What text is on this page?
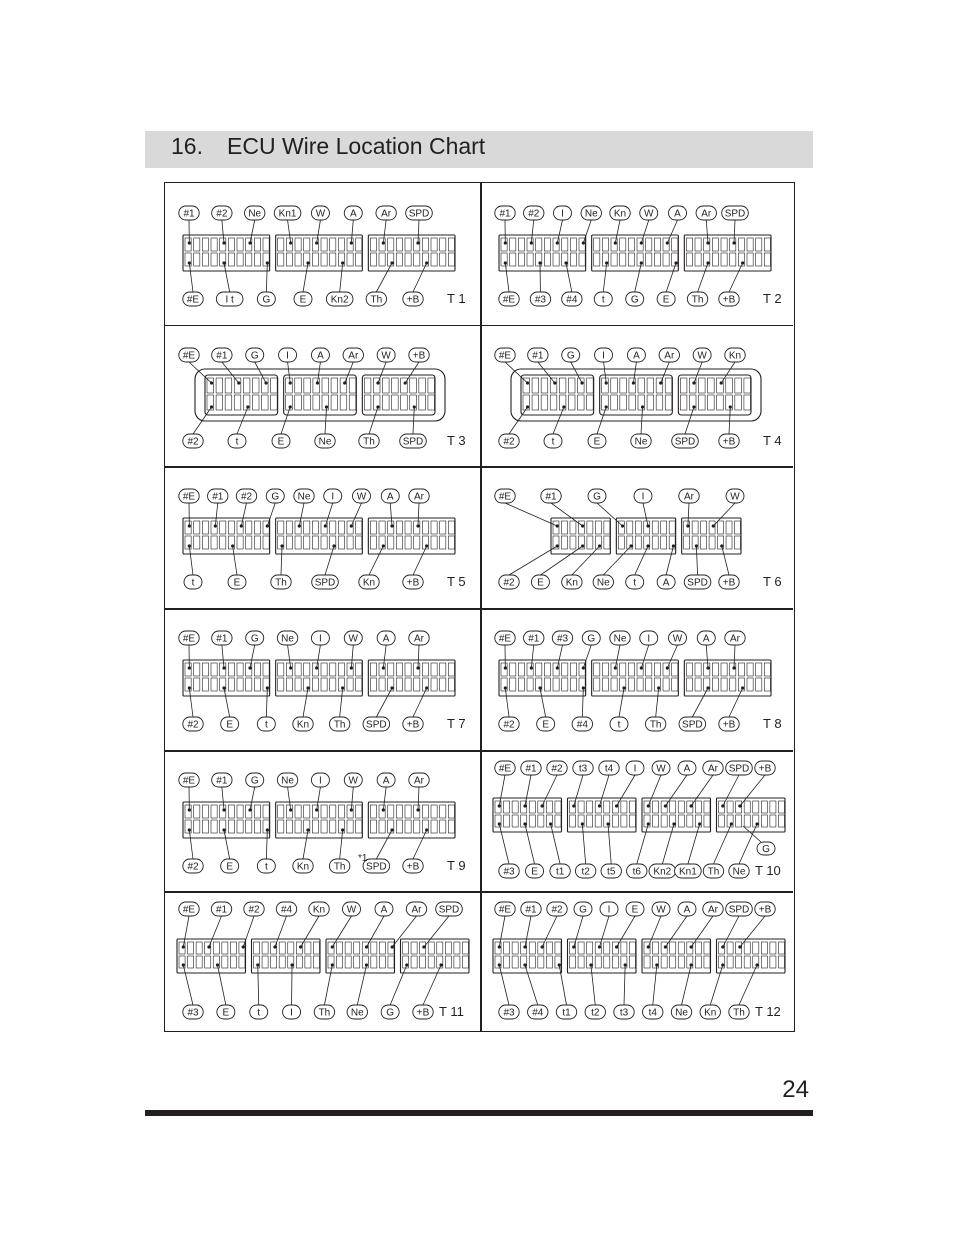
16. ECU Wire Location Chart
#1 #2 Ne Kn1 W A Ar SPD
#E	I t	G	E Kn2 Th +B T 1
#1 #2 I Ne Kn W A Ar SPD
#E #3 #4 t	G E Th +B T 2
#E #1 G	I	A Ar W +B
#2	t	E	Ne	Th	SPD T 3
#E #1 G	I	A Ar W Kn
#2	t	E	Ne	SPD	+B T 4
#E #1 #2 G Ne I W A Ar
t	E	Th	SPD	Kn	+B T 5
#E	#1	G	I	Ar	W
#2 E Kn Ne t	A SPD +B T 6
#E #1 G Ne	I	W A Ar
#2	E	t	Kn Th SPD +B T 7
#E #1 #3 G Ne I W A Ar
#2	E	#4	t	Th SPD +B T 8
#E #1 G Ne	I	W A Ar
#2	E	t	Kn Th SPD +B
*1	T 9
#E #1 #2 t3 t4 I W A Ar SPD +B
#3 E t1 t2 t5 t6 Kn2 Kn1 Th Ne
G
T 10
#E #1 #2 #4 Kn W A Ar SPD
#3 E	t	I	Th Ne G +B T 11
#E #1 #2 G I E W A Ar SPD +B
#3 #4 t1 t2 t3 t4 Ne Kn Th T 12
24
